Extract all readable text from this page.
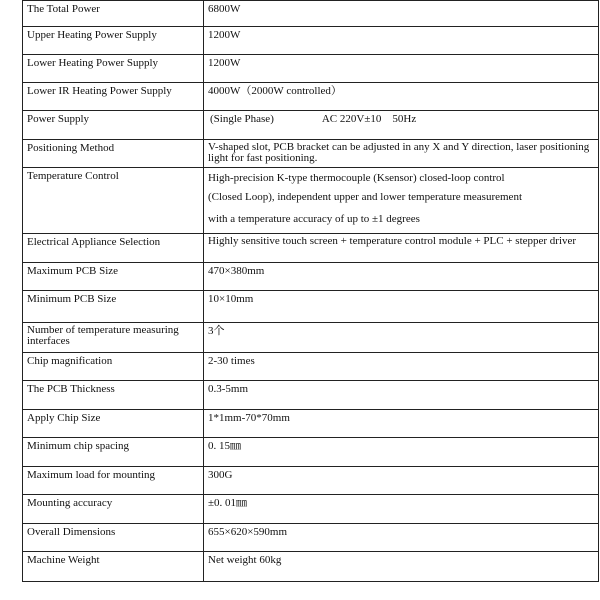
The Total Power	6800W
Upper Heating Power Supply	1200W
Lower Heating Power Supply	1200W
Lower IR Heating Power Supply	4000W（2000W controlled）
Power Supply	(Single Phase) AC 220V±10    50Hz
Positioning Method	V-shaped slot, PCB bracket can be adjusted in any X and Y direction, laser positioning light for fast positioning.
Temperature Control	High-precision K-type thermocouple (Ksensor) closed-loop control
(Closed Loop), independent upper and lower temperature measurement
with a temperature accuracy of up to ±1 degrees

Electrical Appliance Selection	Highly sensitive touch screen + temperature control module + PLC + stepper driver
Maximum PCB Size	470×380mm
Minimum PCB Size	10×10mm
Number of temperature measuring interfaces	3个
Chip magnification	2-30 times
The PCB Thickness	0.3-5mm
Apply Chip Size	1*1mm-70*70mm
Minimum chip spacing	0. 15㎜
Maximum load for mounting	300G
Mounting accuracy	±0. 01㎜
Overall Dimensions	655×620×590mm
Machine Weight	Net weight 60kg
